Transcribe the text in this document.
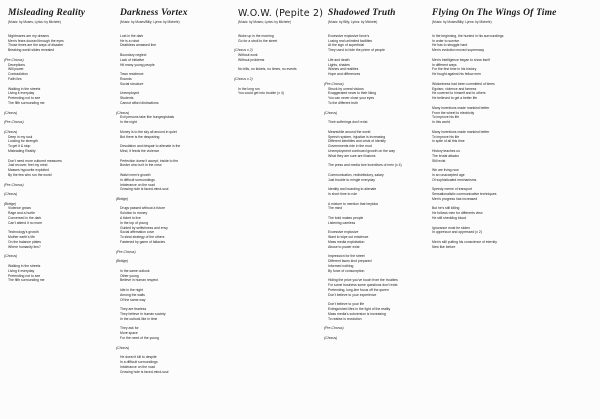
Misleading Reality
(Music: by Moses; Lyrics: by Michele)
Nightmares are my dreams
Men's fears doused through the eyes
Those times are the ways of disaster
Breaking world slides revealed
(Pre-Chorus)
Deceptions
Will power
Contradiction
Faith lies
Walking in the streets
Living it everyday
Pretending not to see
The filth surrounding me
(Chorus)
(Pre-Chorus)
(Chorus)
Deep in my soul
Looking for strength
To get it & stop
Misleading Reality
Don't need more cultured measures
Just recover, feel my mind
Masses hypocrite exploited
By the few who run the world
(Pre-Chorus)
(Chorus)
(Bridge)
Violence grows
Rage and a hurtle
Conversed in the dark
Can't attend it no more
Technology's growth
Mother earth's life
On the balance plates
Where humanity lies?
(Chorus)
Walking in the streets
Living it everyday
Pretending not to see
The filth surrounding me
Darkness Vortex
(Music: by Moses/Billy; Lyrics: by Michele)
Lost in the dark
He is a robot
Deathless amassed line
Boundary neglect
Lack of initiative
Hit many young people
Town residence
Rounds
Social structure
Unemployed
Students
Cannot afford distractions
(Chorus)
Evil persons take like hungerglobals
In the night
Money is to the sky all around in quiet
But there is the despairing
Desolation and despair to alienate is the
Mind, it feeds the violence
Perfection doesn't accept, inside to the
Border who isn't in the crew
Watch men's growth
In difficult surroundings
Intolerance on the road
Growing hole is faced-mind-soul
(Bridge)
Drugs passed without a future
Solution to money
A ticket to live
In the top of young
Guided by selfishness and envy
Social affirmation cove
To steal strategy of the others
Fastened by game of fallacies
(Pre-Chorus)
(Bridge)
In the same outlook
Other young
Believe in human respect
Idle in the night
Among the walls
Of the same way
They are fearless
They believe in human society
In the outlook like in time
They ask for
More space
For the need of the young
(Chorus)
He doesn't kill to despite
In a difficult surroundings
Intolerance on the road
Growing hole is faced-mind-soul
W.O.W. (Pepite 2)
(Music: by Moses; Lyrics: by Michele)
Woke up in the morning
Go for a stroll to the street
(Chorus x 2)
Without work
Without problems
No bills, no tickets, no times, no events
(Chorus x 2)
In the long run
You could get into trouble (x 4)
Shadowed Truth
(Music: by Billy; Lyrics: by Michele)
Excessive explosive force's
Losing real unlimited facilities
At the sign of superficial
They used to hide the prime of people
Life and death
Lights, shades
Wishes and realities
Hope and differences
(Pre-Chorus)
Struck by unreal visions
Exaggerated news to their liking
You can never close your eyes
To the different truth
(Chorus)
Their sufferings don't exist
Meanwhile around the world
Speech system, injustice is increasing
Different identities and crisis of identity
Governments ride in the mud
Unemployment continued growth on the way
What they are sure are illusions
The press and media tore incentives of men (x 4)
Communication, redistributory, salary
Just trouble to mingle everyday
Identity and boarding to alienate
In short time to rule
A mixture to mention that beyblos
The mind
The bold makes people
Listening careless
Excessive explosive
Want to wipe out existence
Mass media exploitation
Abuse to power exist
Impression for the street
Different faces kind prepared
Informed nothing
By force of consumption
Hiding the price you've touch from the troubles
For some business some questions don't exist
Pretending, long-line focus off the queen
Don't believe to your experience
Don't believe to your life
Extinguished lifes in the light of the reality
Mass media's subversion is increasing
To realise is revolution
(Pre-Chorus)
(Chorus)
Flying On The Wings Of Time
(Music: by Moses/Billy; Lyrics: by Michele)
In the beginning, the hunted in his surroundings
In order to survive
He has to struggle hard
Men's evolution moved supremacy
Men's intelligence began to show itself
In different ways
For the first time in his history
He fought against his fellow men
Wickedness had been committed of times
Egoism, violence and farness
He covered to himself and to others
He believed to get a better life
Many inventions made mankind better
From the wheel to electricity
To improve his life
In this world
Many inventions made mankind better
To improve his life
In spite of all this time
History teaches us
The brutal attacks
Still exist
We are living now
In an unaccepted age
Of sophisticated mechanisms
Speedy meme of transport
Sensationalistic communicative techniques
Men's progress has increased
But he's still killing
He follows men for differents view
He still shedding blood
Ignorance must be stolen
In oppressor and oppressed (x 2)
Men's still putting his conscience of eternity
New like before
